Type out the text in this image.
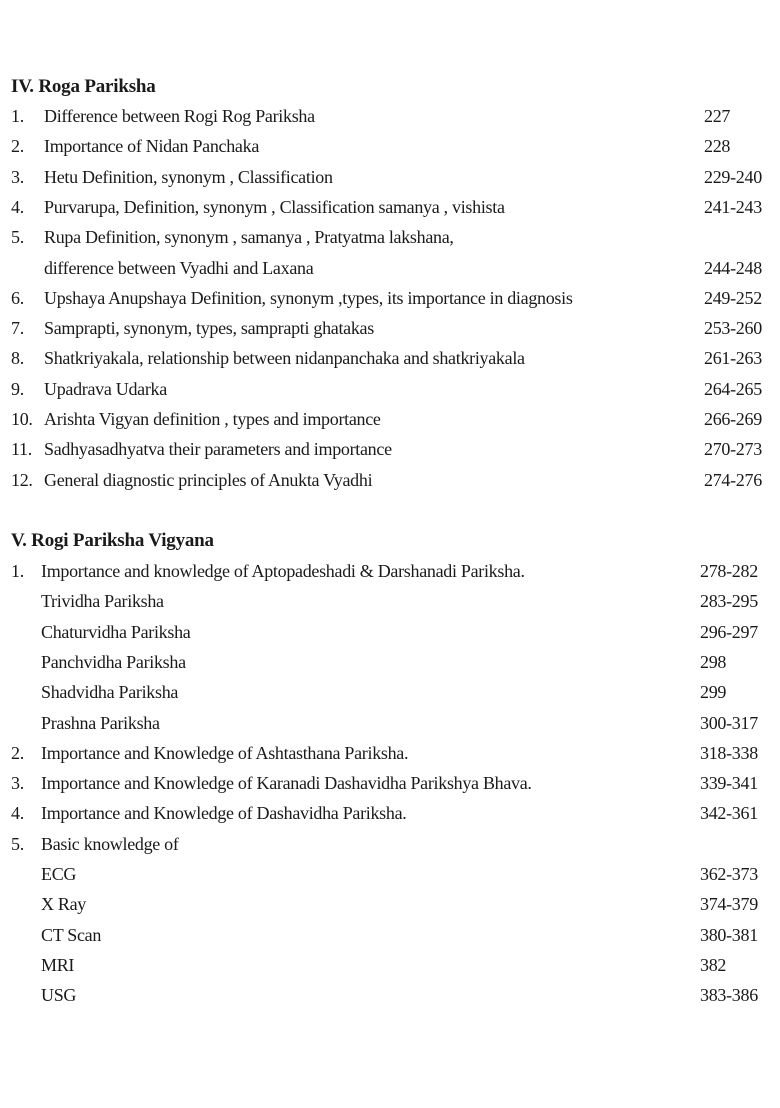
IV. Roga Pariksha
1. Difference between Rogi Rog Pariksha	227
2. Importance of Nidan Panchaka	228
3. Hetu Definition, synonym , Classification	229-240
4. Purvarupa, Definition, synonym , Classification samanya , vishista	241-243
5. Rupa Definition, synonym , samanya , Pratyatma lakshana,
difference between Vyadhi and Laxana	244-248
6. Upshaya Anupshaya Definition, synonym ,types, its importance in diagnosis	249-252
7. Samprapti, synonym, types, samprapti ghatakas	253-260
8. Shatkriyakala, relationship between nidanpanchaka and shatkriyakala	261-263
9. Upadrava Udarka	264-265
10. Arishta Vigyan definition , types and importance	266-269
11. Sadhyasadhyatva their parameters and importance	270-273
12. General diagnostic principles of Anukta Vyadhi	274-276
V. Rogi Pariksha Vigyana
1. Importance and knowledge of Aptopadeshadi & Darshanadi Pariksha.	278-282
Trividha Pariksha	283-295
Chaturvidha Pariksha	296-297
Panchvidha Pariksha	298
Shadvidha Pariksha	299
Prashna Pariksha	300-317
2. Importance and Knowledge of Ashtasthana Pariksha.	318-338
3. Importance and Knowledge of Karanadi Dashavidha Parikshya Bhava.	339-341
4. Importance and Knowledge of Dashavidha Pariksha.	342-361
5. Basic knowledge of
ECG	362-373
X Ray	374-379
CT Scan	380-381
MRI	382
USG	383-386
